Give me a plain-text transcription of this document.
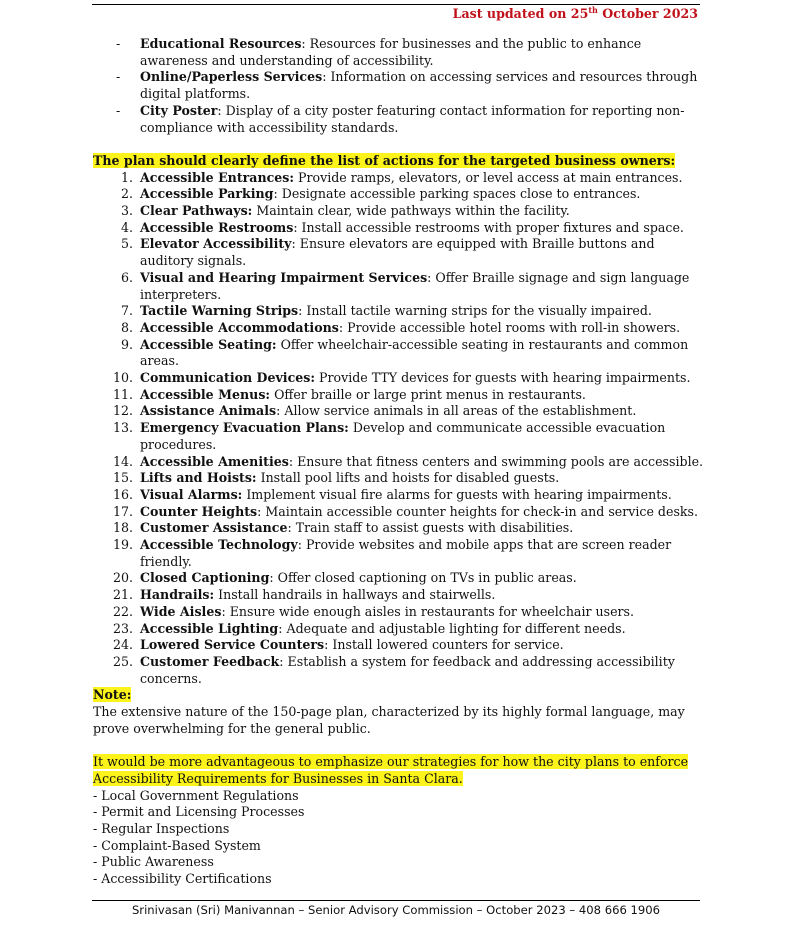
Last updated on 25th October 2023
- Educational Resources: Resources for businesses and the public to enhance awareness and understanding of accessibility.
- Online/Paperless Services: Information on accessing services and resources through digital platforms.
- City Poster: Display of a city poster featuring contact information for reporting non-compliance with accessibility standards.
The plan should clearly define the list of actions for the targeted business owners:
1. Accessible Entrances: Provide ramps, elevators, or level access at main entrances.
2. Accessible Parking: Designate accessible parking spaces close to entrances.
3. Clear Pathways: Maintain clear, wide pathways within the facility.
4. Accessible Restrooms: Install accessible restrooms with proper fixtures and space.
5. Elevator Accessibility: Ensure elevators are equipped with Braille buttons and auditory signals.
6. Visual and Hearing Impairment Services: Offer Braille signage and sign language interpreters.
7. Tactile Warning Strips: Install tactile warning strips for the visually impaired.
8. Accessible Accommodations: Provide accessible hotel rooms with roll-in showers.
9. Accessible Seating: Offer wheelchair-accessible seating in restaurants and common areas.
10. Communication Devices: Provide TTY devices for guests with hearing impairments.
11. Accessible Menus: Offer braille or large print menus in restaurants.
12. Assistance Animals: Allow service animals in all areas of the establishment.
13. Emergency Evacuation Plans: Develop and communicate accessible evacuation procedures.
14. Accessible Amenities: Ensure that fitness centers and swimming pools are accessible.
15. Lifts and Hoists: Install pool lifts and hoists for disabled guests.
16. Visual Alarms: Implement visual fire alarms for guests with hearing impairments.
17. Counter Heights: Maintain accessible counter heights for check-in and service desks.
18. Customer Assistance: Train staff to assist guests with disabilities.
19. Accessible Technology: Provide websites and mobile apps that are screen reader friendly.
20. Closed Captioning: Offer closed captioning on TVs in public areas.
21. Handrails: Install handrails in hallways and stairwells.
22. Wide Aisles: Ensure wide enough aisles in restaurants for wheelchair users.
23. Accessible Lighting: Adequate and adjustable lighting for different needs.
24. Lowered Service Counters: Install lowered counters for service.
25. Customer Feedback: Establish a system for feedback and addressing accessibility concerns.
Note:

The extensive nature of the 150-page plan, characterized by its highly formal language, may prove overwhelming for the general public.

It would be more advantageous to emphasize our strategies for how the city plans to enforce Accessibility Requirements for Businesses in Santa Clara.

- Local Government Regulations
- Permit and Licensing Processes
- Regular Inspections
- Complaint-Based System
- Public Awareness
- Accessibility Certifications
Srinivasan (Sri) Manivannan – Senior Advisory Commission – October 2023 – 408 666 1906
